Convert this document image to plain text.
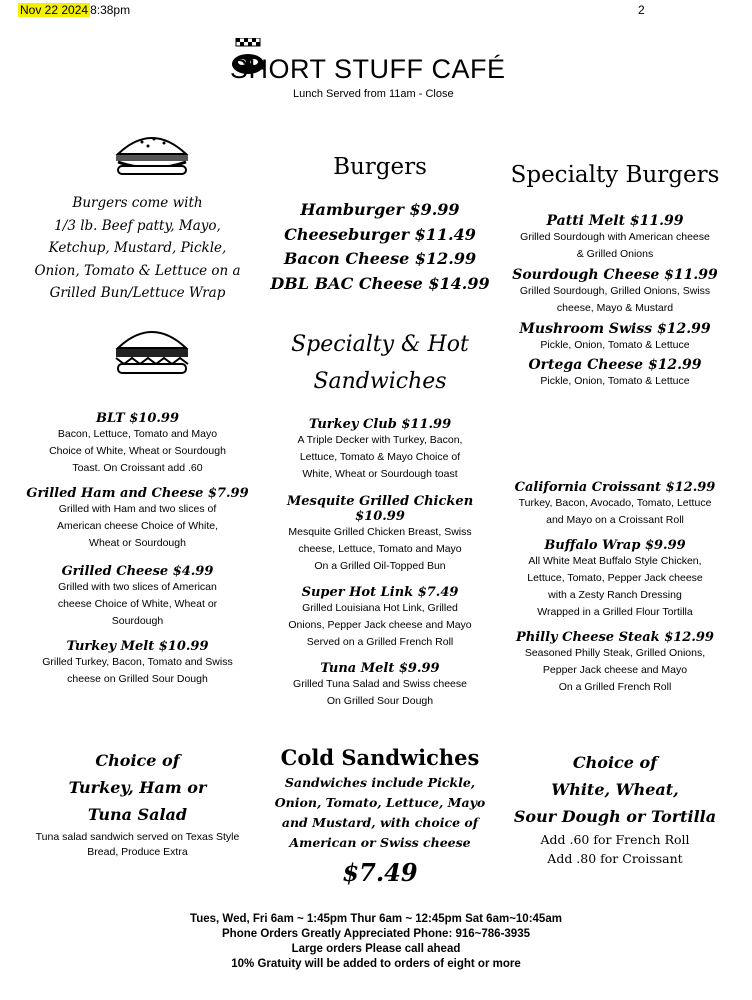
Nov 22 2024 8:38pm	2
SHORT STUFF CAFÉ
Lunch Served from 11am - Close
Burgers come with
1/3 lb. Beef patty, Mayo,
Ketchup, Mustard, Pickle,
Onion, Tomato & Lettuce on a
Grilled Bun/Lettuce Wrap
Burgers
Hamburger $9.99
Cheeseburger $11.49
Bacon Cheese $12.99
DBL BAC Cheese $14.99
Specialty Burgers
Patti Melt $11.99
Grilled Sourdough with American cheese
& Grilled Onions
Sourdough Cheese $11.99
Grilled Sourdough, Grilled Onions, Swiss
cheese, Mayo & Mustard
Mushroom Swiss $12.99
Pickle, Onion, Tomato & Lettuce
Ortega Cheese $12.99
Pickle, Onion, Tomato & Lettuce
Specialty & Hot
Sandwiches
BLT $10.99
Bacon, Lettuce, Tomato and Mayo
Choice of White, Wheat or Sourdough
Toast. On Croissant add .60
Grilled Ham and Cheese $7.99
Grilled with Ham and two slices of
American cheese Choice of White,
Wheat or Sourdough
Grilled Cheese $4.99
Grilled with two slices of American
cheese Choice of White, Wheat or
Sourdough
Turkey Melt $10.99
Grilled Turkey, Bacon, Tomato and Swiss
cheese on Grilled Sour Dough
Turkey Club $11.99
A Triple Decker with Turkey, Bacon,
Lettuce, Tomato & Mayo Choice of
White, Wheat or Sourdough toast
Mesquite Grilled Chicken $10.99
Mesquite Grilled Chicken Breast, Swiss
cheese, Lettuce, Tomato and Mayo
On a Grilled Oil-Topped Bun
Super Hot Link $7.49
Grilled Louisiana Hot Link, Grilled
Onions, Pepper Jack cheese and Mayo
Served on a Grilled French Roll
Tuna Melt $9.99
Grilled Tuna Salad and Swiss cheese
On Grilled Sour Dough
California Croissant $12.99
Turkey, Bacon, Avocado, Tomato, Lettuce
and Mayo on a Croissant Roll
Buffalo Wrap $9.99
All White Meat Buffalo Style Chicken,
Lettuce, Tomato, Pepper Jack cheese
with a Zesty Ranch Dressing
Wrapped in a Grilled Flour Tortilla
Philly Cheese Steak $12.99
Seasoned Philly Steak, Grilled Onions,
Pepper Jack cheese and Mayo
On a Grilled French Roll
Choice of
Turkey, Ham or
Tuna Salad
Tuna salad sandwich served on Texas Style
Bread, Produce Extra
Cold Sandwiches
Sandwiches include Pickle,
Onion, Tomato, Lettuce, Mayo
and Mustard, with choice of
American or Swiss cheese
$7.49
Choice of
White, Wheat,
Sour Dough or Tortilla
Add .60 for French Roll
Add .80 for Croissant
Tues, Wed, Fri 6am ~ 1:45pm Thur 6am ~ 12:45pm Sat 6am~10:45am
Phone Orders Greatly Appreciated Phone: 916~786-3935
Large orders Please call ahead
10% Gratuity will be added to orders of eight or more
